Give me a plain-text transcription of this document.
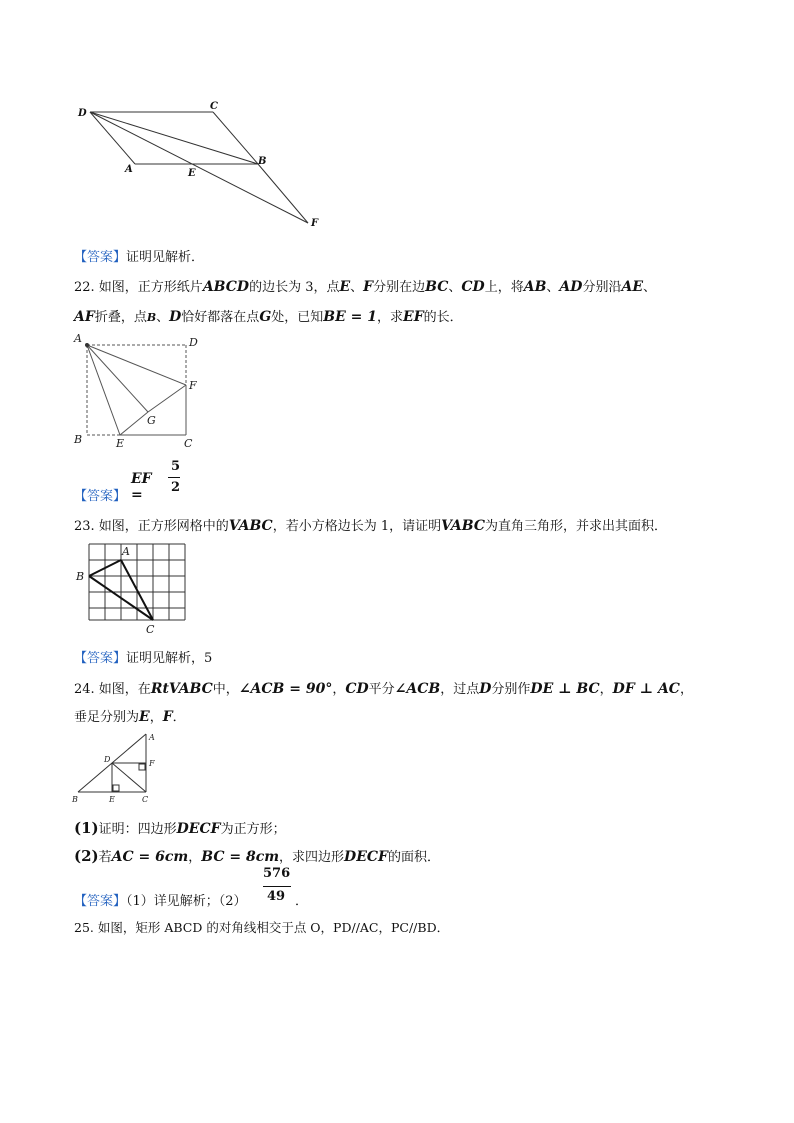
D
C
A	E
B
F
【答案】证明见解析．
22. 如图，正方形纸片ABCD的边长为 3，点E、F分别在边BC、CD上，将AB、AD分别沿AE、
AF折叠，点B、D恰好都落在点G处，已知BE = 1，求EF的长．
A	D
F
G
B	E	C
【答案】
EF =
5
2
23. 如图，正方形网格中的VABC，若小方格边长为 1，请证明VABC为直角三角形，并求出其面积．
A
B
C
【答案】证明见解析，5
24. 如图，在RtVABC中，∠ACB = 90°，CD平分∠ACB，过点D分别作DE ⊥ BC，DF ⊥ AC，
垂足分别为E，F．
A
D	F
B	E	C
(1)证明：四边形DECF为正方形；
(2)若AC = 6cm，BC = 8cm，求四边形DECF的面积．
【答案】（1）详见解析；（2）
576
49 ．
25. 如图，矩形 ABCD 的对角线相交于点 O，PD//AC，PC//BD．
